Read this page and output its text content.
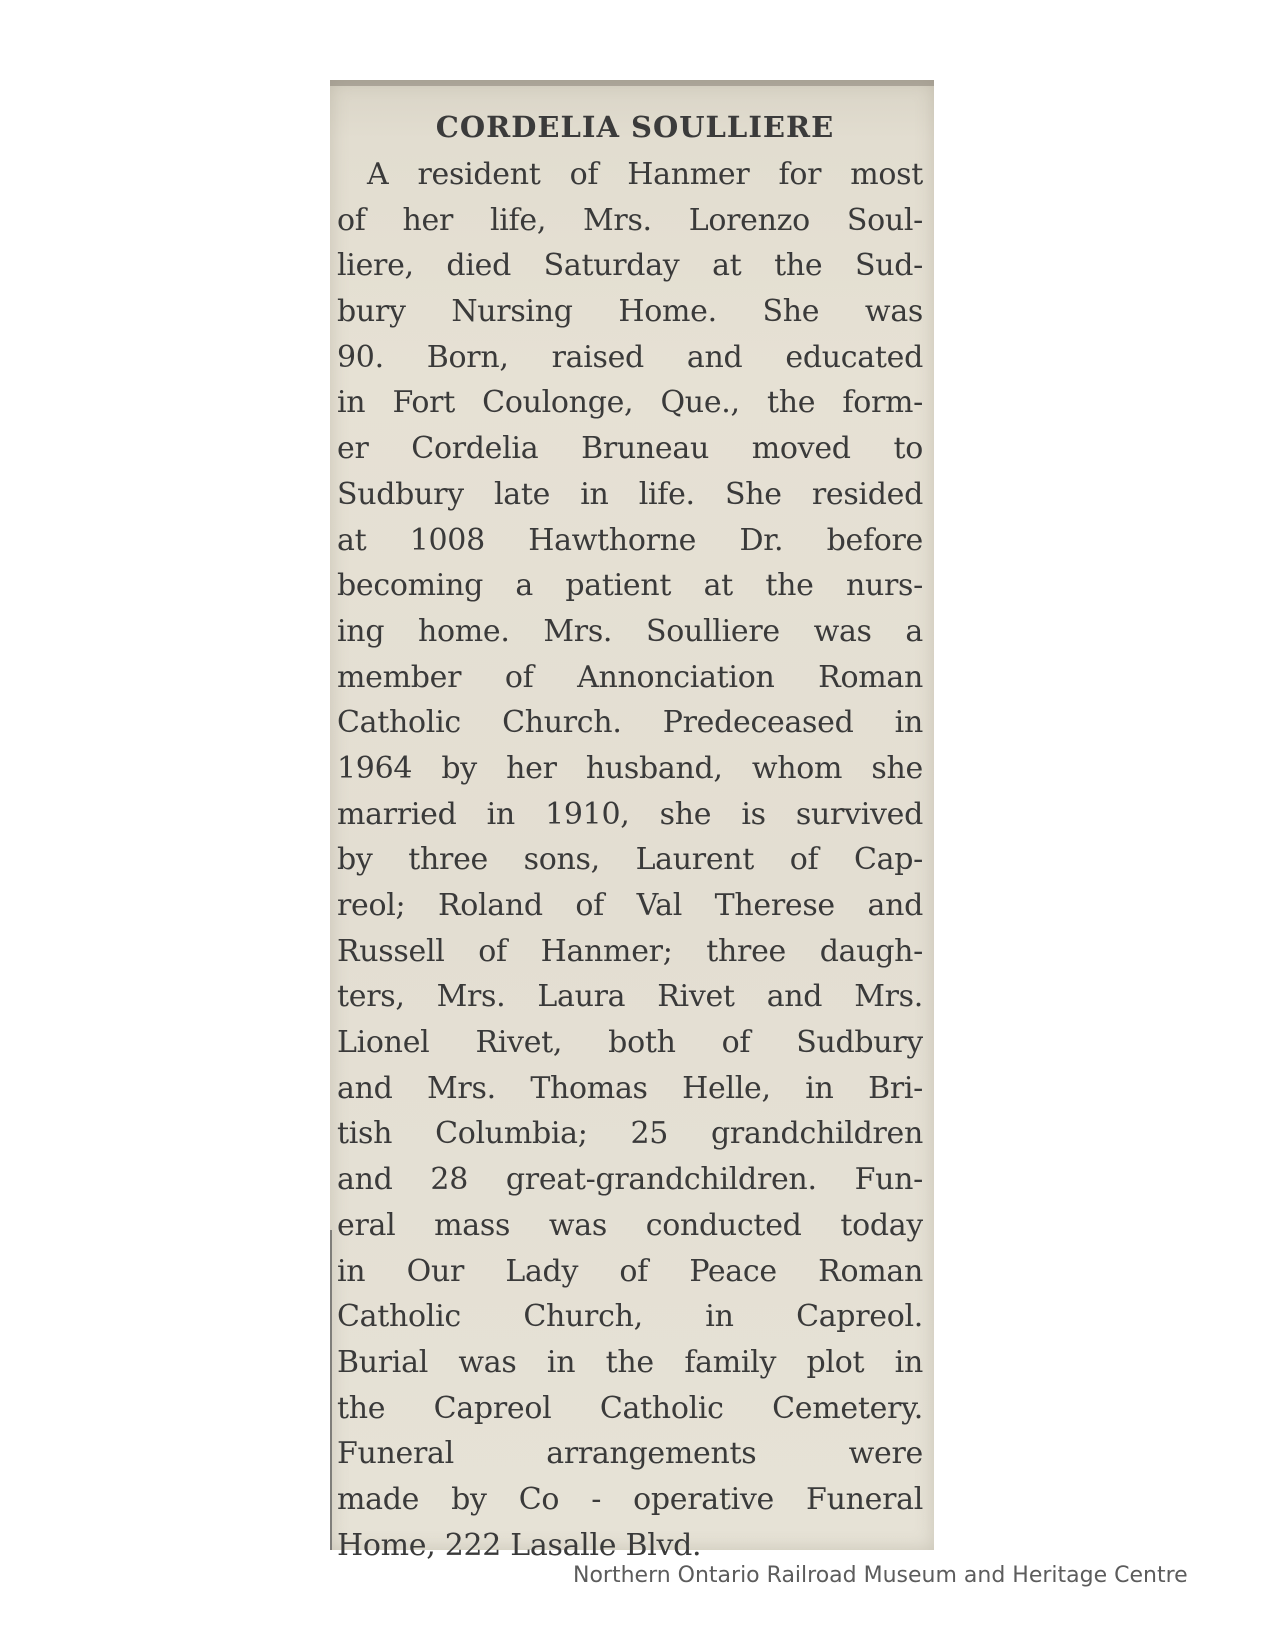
CORDELIA SOULLIERE
A resident of Hanmer for most
of her life, Mrs. Lorenzo Soul-
liere, died Saturday at the Sud-
bury Nursing Home. She was
90. Born, raised and educated
in Fort Coulonge, Que., the form-
er Cordelia Bruneau moved to
Sudbury late in life. She resided
at 1008 Hawthorne Dr. before
becoming a patient at the nurs-
ing home. Mrs. Soulliere was a
member of Annonciation Roman
Catholic Church. Predeceased in
1964 by her husband, whom she
married in 1910, she is survived
by three sons, Laurent of Cap-
reol; Roland of Val Therese and
Russell of Hanmer; three daugh-
ters, Mrs. Laura Rivet and Mrs.
Lionel Rivet, both of Sudbury
and Mrs. Thomas Helle, in Bri-
tish Columbia; 25 grandchildren
and 28 great-grandchildren. Fun-
eral mass was conducted today
in Our Lady of Peace Roman
Catholic Church, in Capreol.
Burial was in the family plot in
the Capreol Catholic Cemetery.
Funeral arrangements were
made by Co - operative Funeral
Home, 222 Lasalle Blvd.
Northern Ontario Railroad Museum and Heritage Centre
